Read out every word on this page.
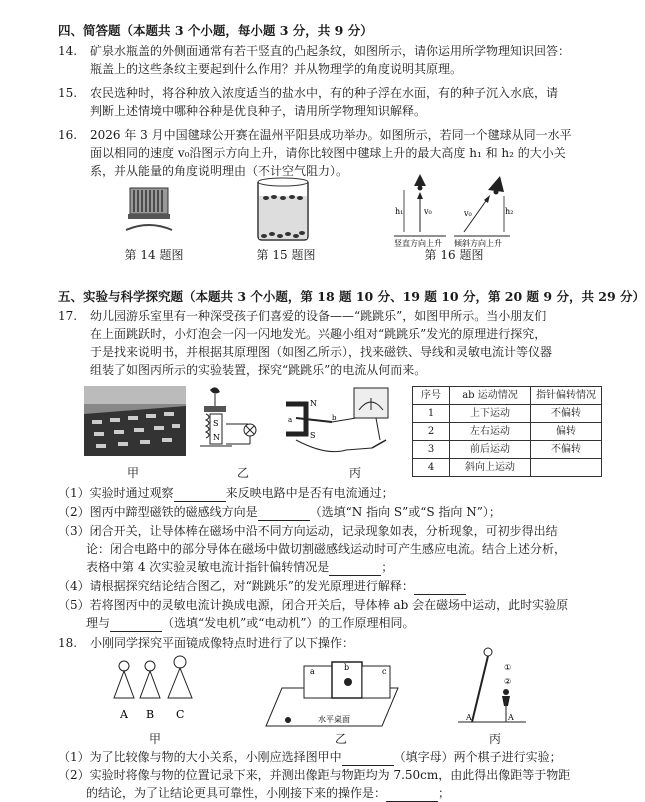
四、简答题（本题共 3 个小题，每小题 3 分，共 9 分）
14. 矿泉水瓶盖的外侧面通常有若干竖直的凸起条纹，如图所示，请你运用所学物理知识回答：
瓶盖上的这些条纹主要起到什么作用？并从物理学的角度说明其原理。
15. 农民选种时，将谷种放入浓度适当的盐水中，有的种子浮在水面，有的种子沉入水底，请
判断上述情境中哪种谷种是优良种子，请用所学物理知识解释。
16. 2026 年 3 月中国毽球公开赛在温州平阳县成功举办。如图所示，若同一个毽球从同一水平
面以相同的速度 v₀沿图示方向上升，请你比较图中毽球上升的最大高度 h₁ 和 h₂ 的大小关
系，并从能量的角度说明理由（不计空气阻力）。
第 14 题图	第 15 题图
h₁	v₀	v₀	h₂
竖直方向上升 倾斜方向上升
第 16 题图
五、实验与科学探究题（本题共 3 个小题，第 18 题 10 分、19 题 10 分，第 20 题 9 分，共 29 分）
17. 幼儿园游乐室里有一种深受孩子们喜爱的设备——“跳跳乐”，如图甲所示。当小朋友们
在上面跳跃时，小灯泡会一闪一闪地发光。兴趣小组对“跳跳乐”发光的原理进行探究，
于是找来说明书，并根据其原理图（如图乙所示），找来磁铁、导线和灵敏电流计等仪器
组装了如图丙所示的实验装置，探究“跳跳乐”的电流从何而来。
甲
S
N
乙
N
S
a	b
丙
序号	ab 运动情况	指针偏转情况
1	上下运动	不偏转
2	左右运动	偏转
3	前后运动	不偏转
4	斜向上运动	
（1）实验时通过观察	来反映电路中是否有电流通过；
（2）图丙中蹄型磁铁的磁感线方向是	（选填“N 指向 S”或“S 指向 N”）；
（3）闭合开关，让导体棒在磁场中沿不同方向运动，记录现象如表，分析现象，可初步得出结
论：闭合电路中的部分导体在磁场中做切割磁感线运动时可产生感应电流。结合上述分析，
表格中第 4 次实验灵敏电流计指针偏转情况是	；
（4）请根据探究结论结合图乙，对“跳跳乐”的发光原理进行解释：
（5）若将图丙中的灵敏电流计换成电源，闭合开关后，导体棒 ab 会在磁场中运动，此时实验原
理与	（选填“发电机”或“电动机”）的工作原理相同。
18. 小刚同学探究平面镜成像特点时进行了以下操作：
A B C
甲
a	b	c
水平桌面
乙
①
②
A	A
丙
（1）为了比较像与物的大小关系，小刚应选择图甲中	（填字母）两个棋子进行实验；
（2）实验时将像与物的位置记录下来，并测出像距与物距均为 7.50cm，由此得出像距等于物距
的结论，为了让结论更具可靠性，小刚接下来的操作是：	；
